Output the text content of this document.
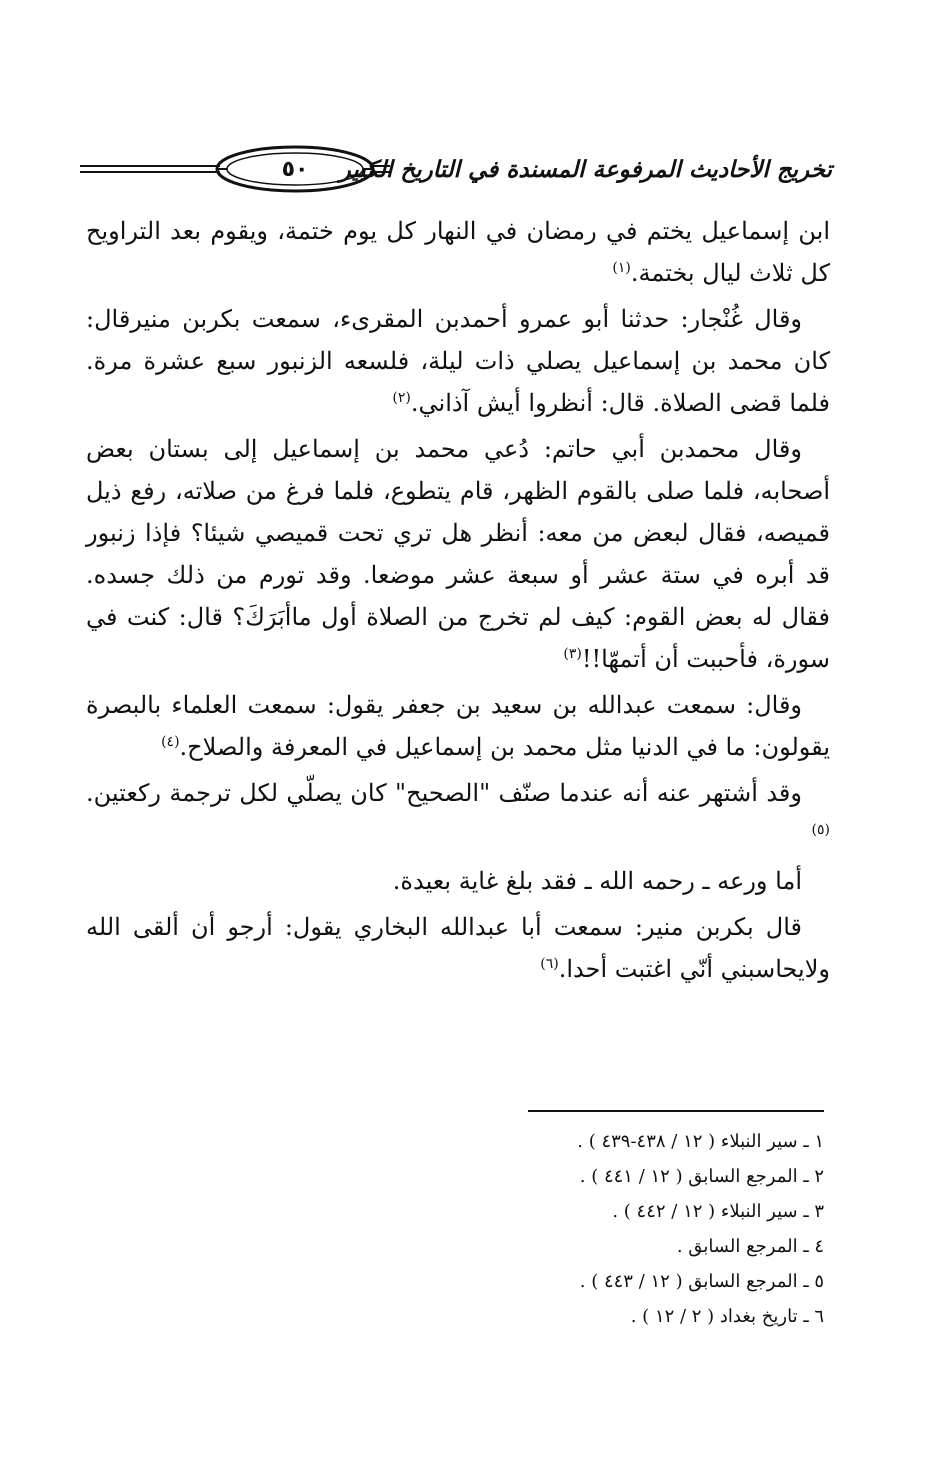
٥٠	تخريج الأحاديث المرفوعة المسندة في التاريخ الكبير

ابن إسماعيل يختم في رمضان في النهار كل يوم ختمة، ويقوم بعد التراويح كل ثلاث ليال بختمة.$^{(١)}$

وقال غُنْجار: حدثنا أبو عمرو أحمدبن المقرىء، سمعت بكربن منيرقال: كان محمد بن إسماعيل يصلي ذات ليلة، فلسعه الزنبور سبع عشرة مرة. فلما قضى الصلاة. قال: أنظروا أيش آذاني.$^{(٢)}$

وقال محمدبن أبي حاتم: دُعي محمد بن إسماعيل إلى بستان بعض أصحابه، فلما صلى بالقوم الظهر، قام يتطوع، فلما فرغ من صلاته، رفع ذيل قميصه، فقال لبعض من معه: أنظر هل تري تحت قميصي شيئا؟ فإذا زنبور قد أبره في ستة عشر أو سبعة عشر موضعا. وقد تورم من ذلك جسده. فقال له بعض القوم: كيف لم تخرج من الصلاة أول ماأبَرَكَ؟ قال: كنت في سورة، فأحببت أن أتمهّا!!$^{(٣)}$

وقال: سمعت عبدالله بن سعيد بن جعفر يقول: سمعت العلماء بالبصرة يقولون: ما في الدنيا مثل محمد بن إسماعيل في المعرفة والصلاح.$^{(٤)}$

وقد أشتهر عنه أنه عندما صنّف "الصحيح" كان يصلّي لكل ترجمة ركعتين.$^{(٥)}$

أما ورعه ـ رحمه الله ـ فقد بلغ غاية بعيدة.

قال بكربن منير: سمعت أبا عبدالله البخاري يقول: أرجو أن ألقى الله ولايحاسبني أنّي اغتبت أحدا.$^{(٦)}$

١ ـ سير النبلاء ( ١٢ / ٤٣٨-٤٣٩ ) .
٢ ـ المرجع السابق ( ١٢ / ٤٤١ ) .
٣ ـ سير النبلاء ( ١٢ / ٤٤٢ ) .
٤ ـ المرجع السابق .
٥ ـ المرجع السابق ( ١٢ / ٤٤٣ ) .
٦ ـ تاريخ بغداد ( ٢ / ١٢ ) .
